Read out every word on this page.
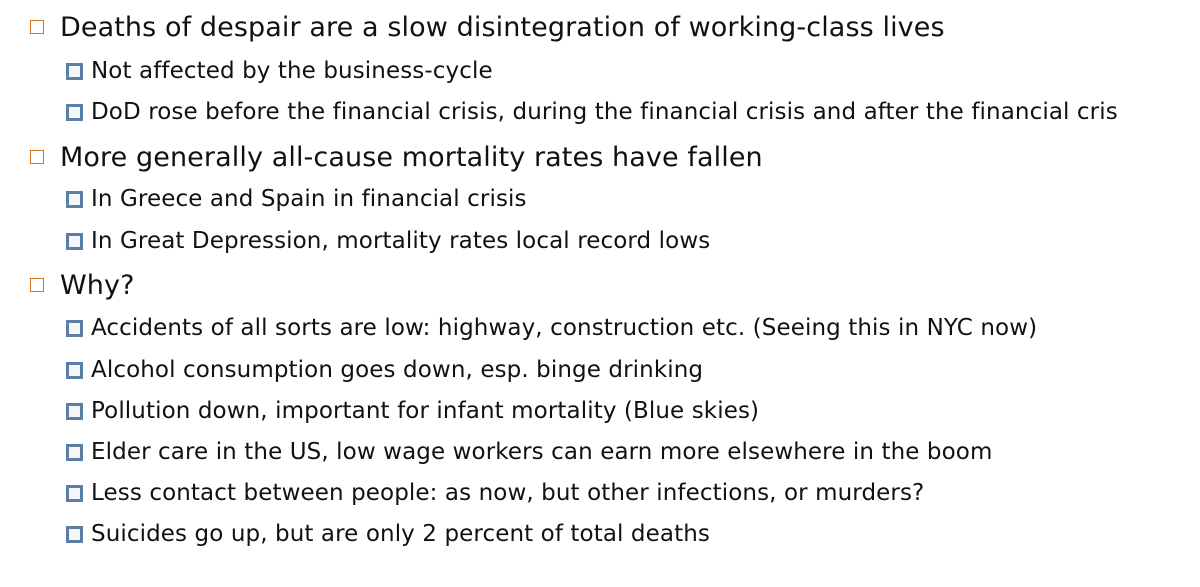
Deaths of despair are a slow disintegration of working-class lives
Not affected by the business-cycle
DoD rose before the financial crisis, during the financial crisis and after the financial cris
More generally all-cause mortality rates have fallen
In Greece and Spain in financial crisis
In Great Depression, mortality rates local record lows
Why?
Accidents of all sorts are low: highway, construction etc. (Seeing this in NYC now)
Alcohol consumption goes down, esp. binge drinking
Pollution down, important for infant mortality (Blue skies)
Elder care in the US, low wage workers can earn more elsewhere in the boom
Less contact between people: as now, but other infections, or murders?
Suicides go up, but are only 2 percent of total deaths
